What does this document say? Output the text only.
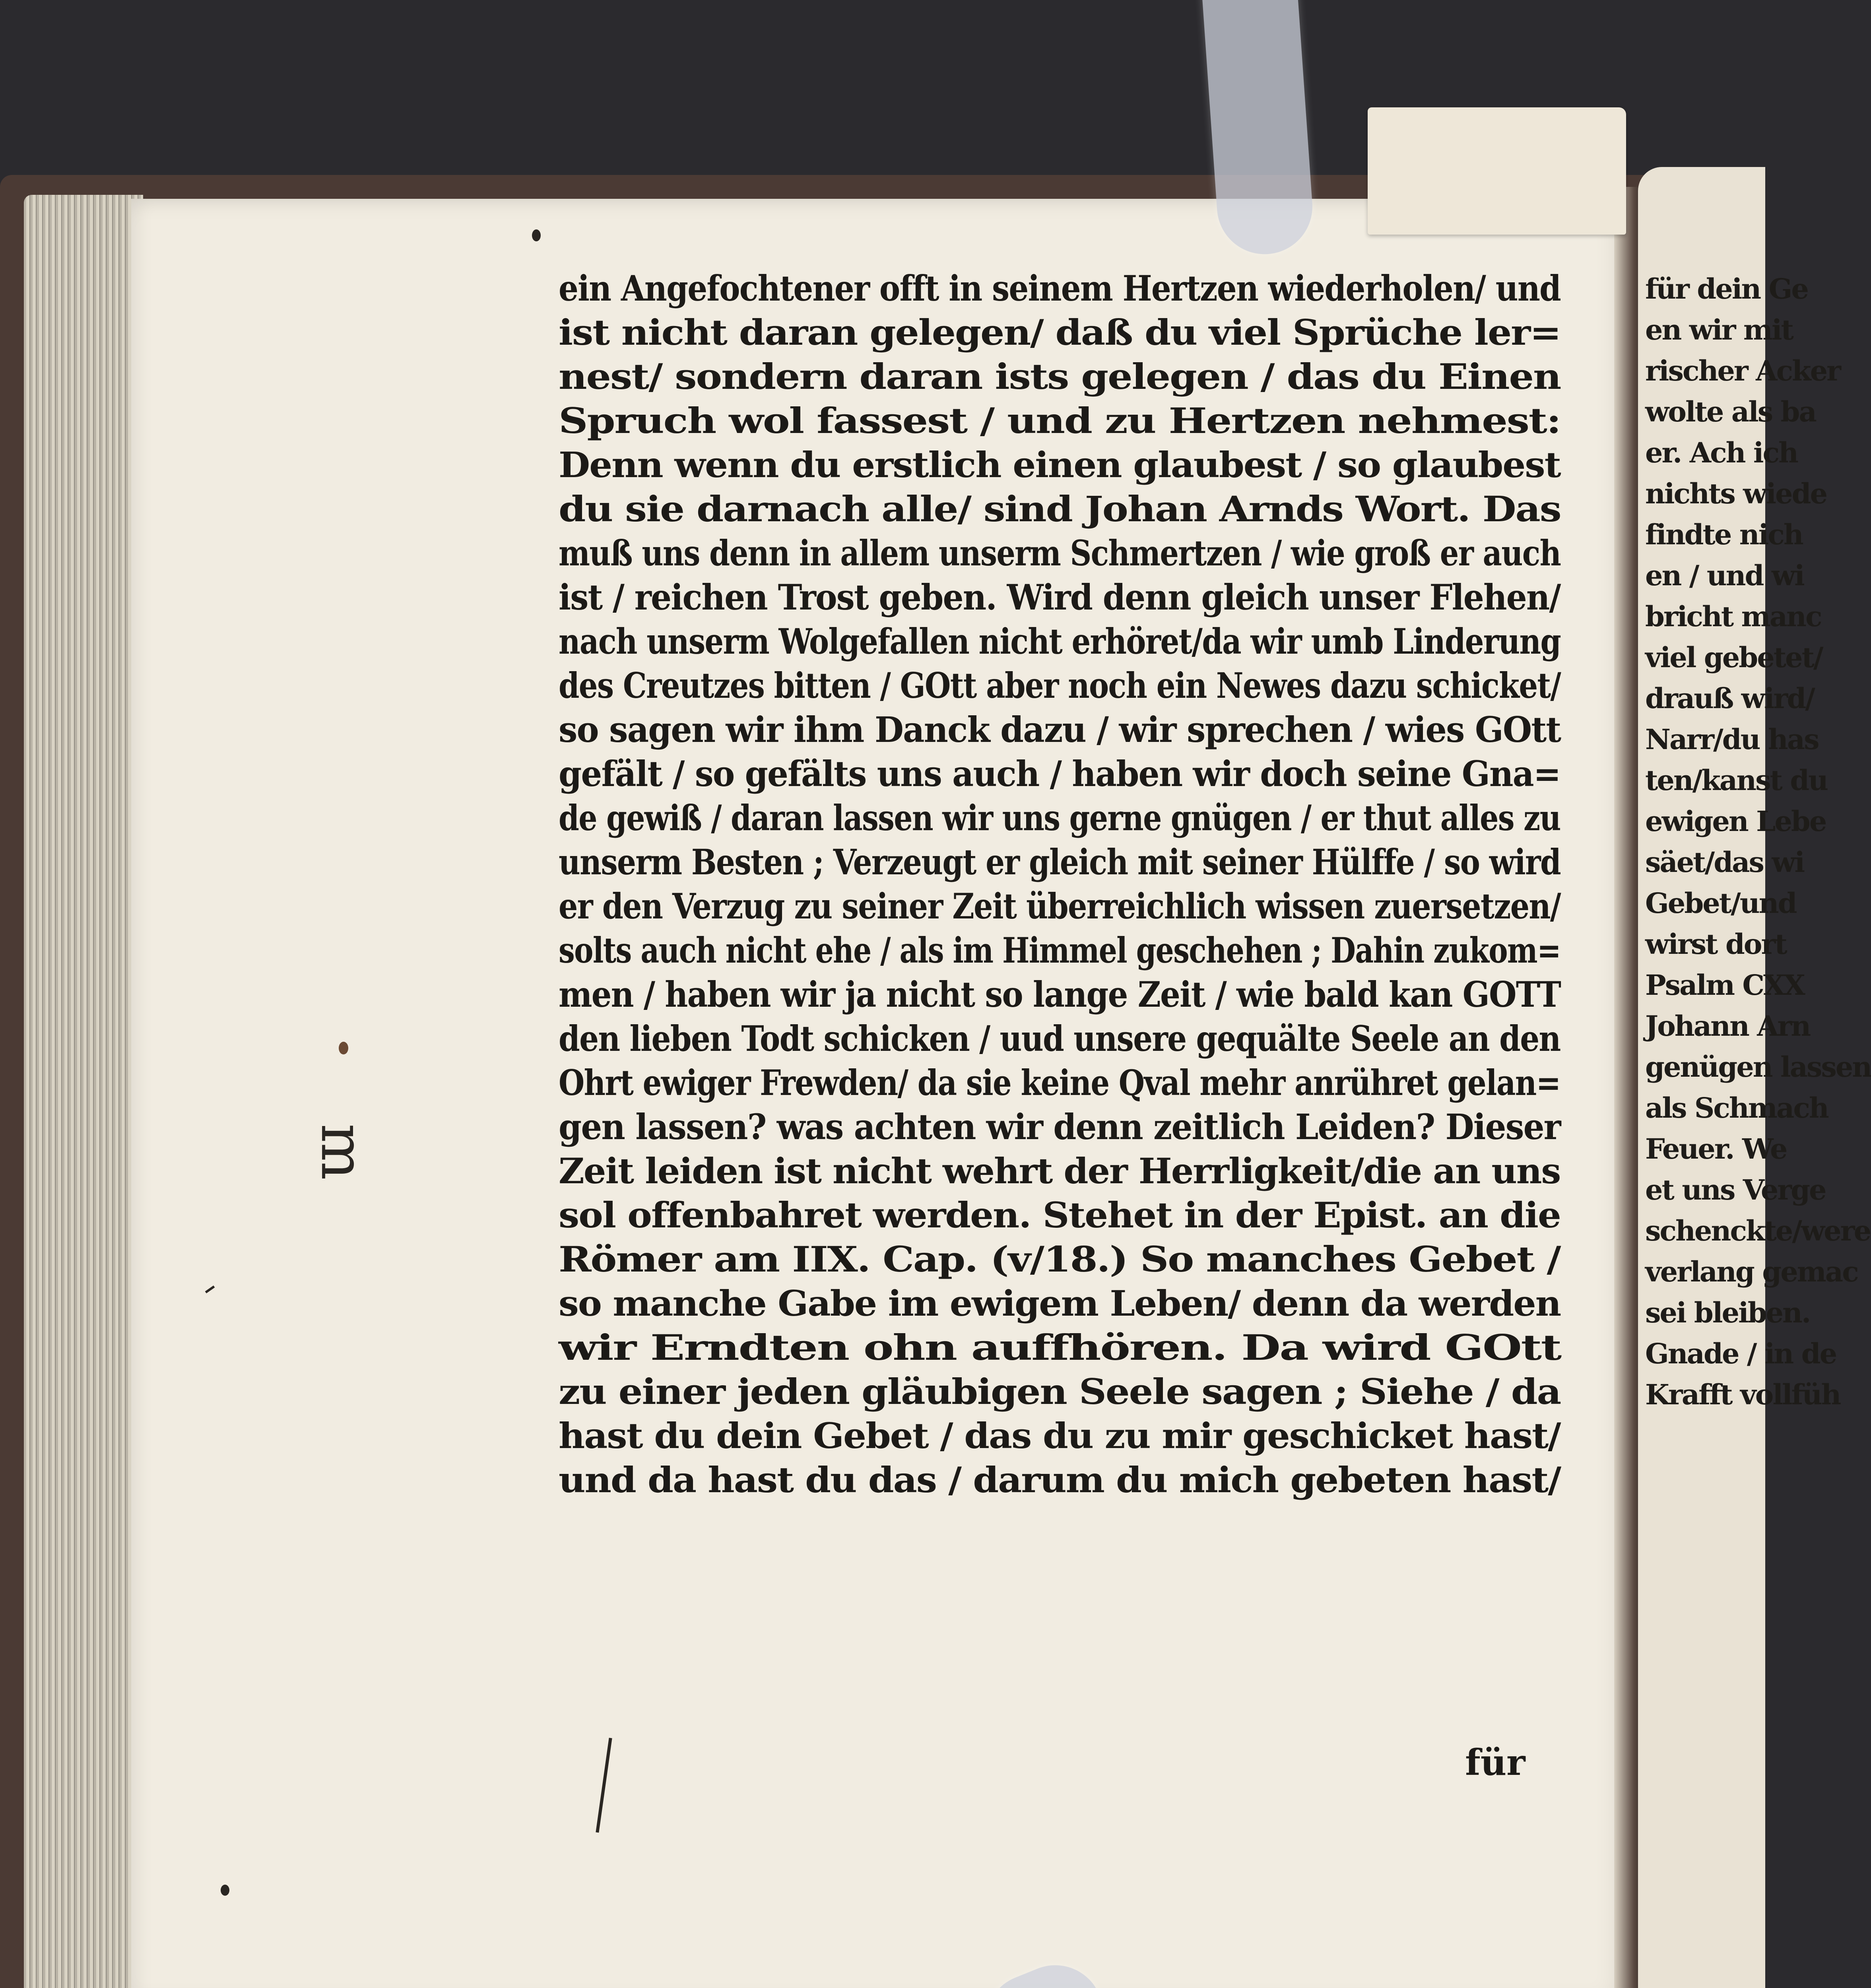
ein Angefochtener offt in seinem Hertzen wiederholen/ und
ist nicht daran gelegen/ daß du viel Sprüche ler=
nest/ sondern daran ists gelegen / das du Einen
Spruch wol fassest / und zu Hertzen nehmest:
Denn wenn du erstlich einen glaubest / so glaubest
du sie darnach alle/ sind Johan Arnds Wort. Das
muß uns denn in allem unserm Schmertzen / wie groß er auch
ist / reichen Trost geben. Wird denn gleich unser Flehen/
nach unserm Wolgefallen nicht erhöret/da wir umb Linderung
des Creutzes bitten / GOtt aber noch ein Newes dazu schicket/
so sagen wir ihm Danck dazu / wir sprechen / wies GOtt
gefält / so gefälts uns auch / haben wir doch seine Gna=
de gewiß / daran lassen wir uns gerne gnügen / er thut alles zu
unserm Besten ; Verzeugt er gleich mit seiner Hülffe / so wird
er den Verzug zu seiner Zeit überreichlich wissen zuersetzen/
solts auch nicht ehe / als im Himmel geschehen ; Dahin zukom=
men / haben wir ja nicht so lange Zeit / wie bald kan GOTT
den lieben Todt schicken / uud unsere gequälte Seele an den
Ohrt ewiger Frewden/ da sie keine Qval mehr anrühret gelan=
gen lassen? was achten wir denn zeitlich Leiden? Dieser
Zeit leiden ist nicht wehrt der Herrligkeit/die an uns
sol offenbahret werden. Stehet in der Epist. an die
Römer am IIX. Cap. (v/18.) So manches Gebet /
so manche Gabe im ewigem Leben/ denn da werden
wir Erndten ohn auffhören. Da wird GOtt
zu einer jeden gläubigen Seele sagen ; Siehe / da
hast du dein Gebet / das du zu mir geschicket hast/
und da hast du das / darum du mich gebeten hast/
für
für dein Ge
en wir mit
rischer Acker
wolte als ba
er. Ach ich
nichts wiede
findte nich
en / und wi
bricht manc
viel gebetet/
drauß wird/
Narr/du has
ten/kanst du
ewigen Lebe
säet/das wi
Gebet/und
wirst dort
Psalm CXX
Johann Arn
genügen lassen
als Schmach
Feuer. We
et uns Verge
schenckte/were
verlang gemac
sei bleiben.
Gnade / in de
Krafft vollfüh
m
